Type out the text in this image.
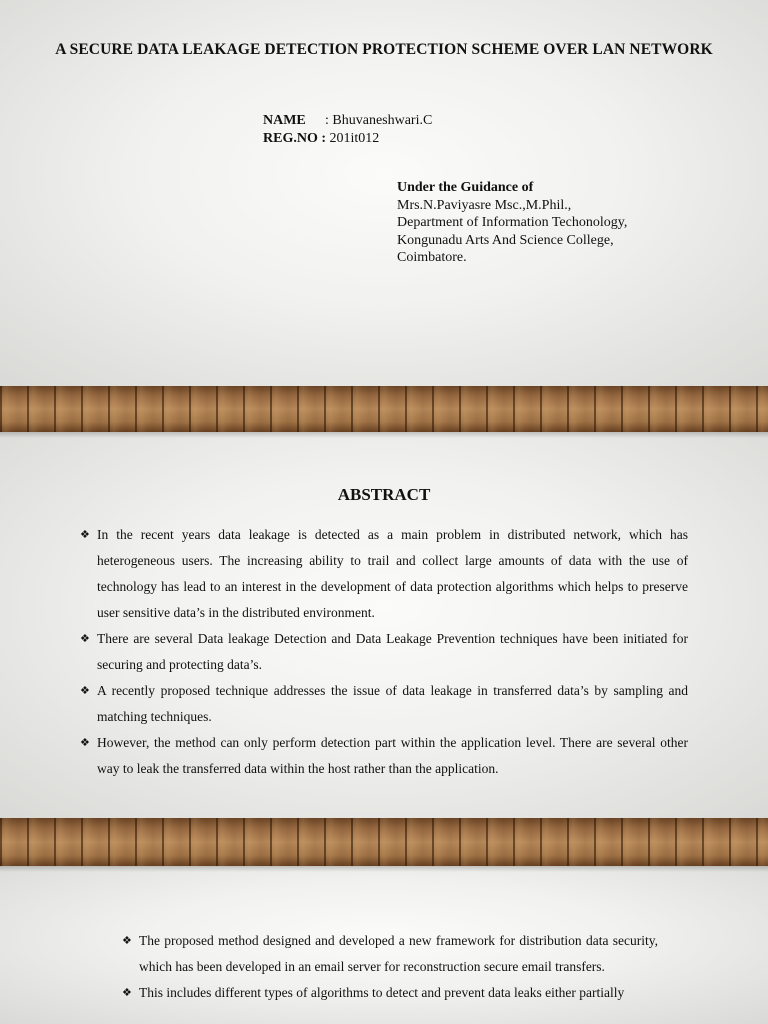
A SECURE DATA LEAKAGE DETECTION PROTECTION SCHEME OVER LAN NETWORK
NAME : Bhuvaneshwari.C
REG.NO : 201it012
Under the Guidance of
Mrs.N.Paviyasre Msc.,M.Phil.,
Department of Information Techonology,
Kongunadu Arts And Science College,
Coimbatore.
ABSTRACT
❖ In the recent years data leakage is detected as a main problem in distributed network, which has heterogeneous users. The increasing ability to trail and collect large amounts of data with the use of technology has lead to an interest in the development of data protection algorithms which helps to preserve user sensitive data’s in the distributed environment.
❖ There are several Data leakage Detection and Data Leakage Prevention techniques have been initiated for securing and protecting data’s.
❖ A recently proposed technique addresses the issue of data leakage in transferred data’s by sampling and matching techniques.
❖ However, the method can only perform detection part within the application level. There are several other way to leak the transferred data within the host rather than the application.
❖ The proposed method designed and developed a new framework for distribution data security, which has been developed in an email server for reconstruction secure email transfers.
❖ This includes different types of algorithms to detect and prevent data leaks either partially
